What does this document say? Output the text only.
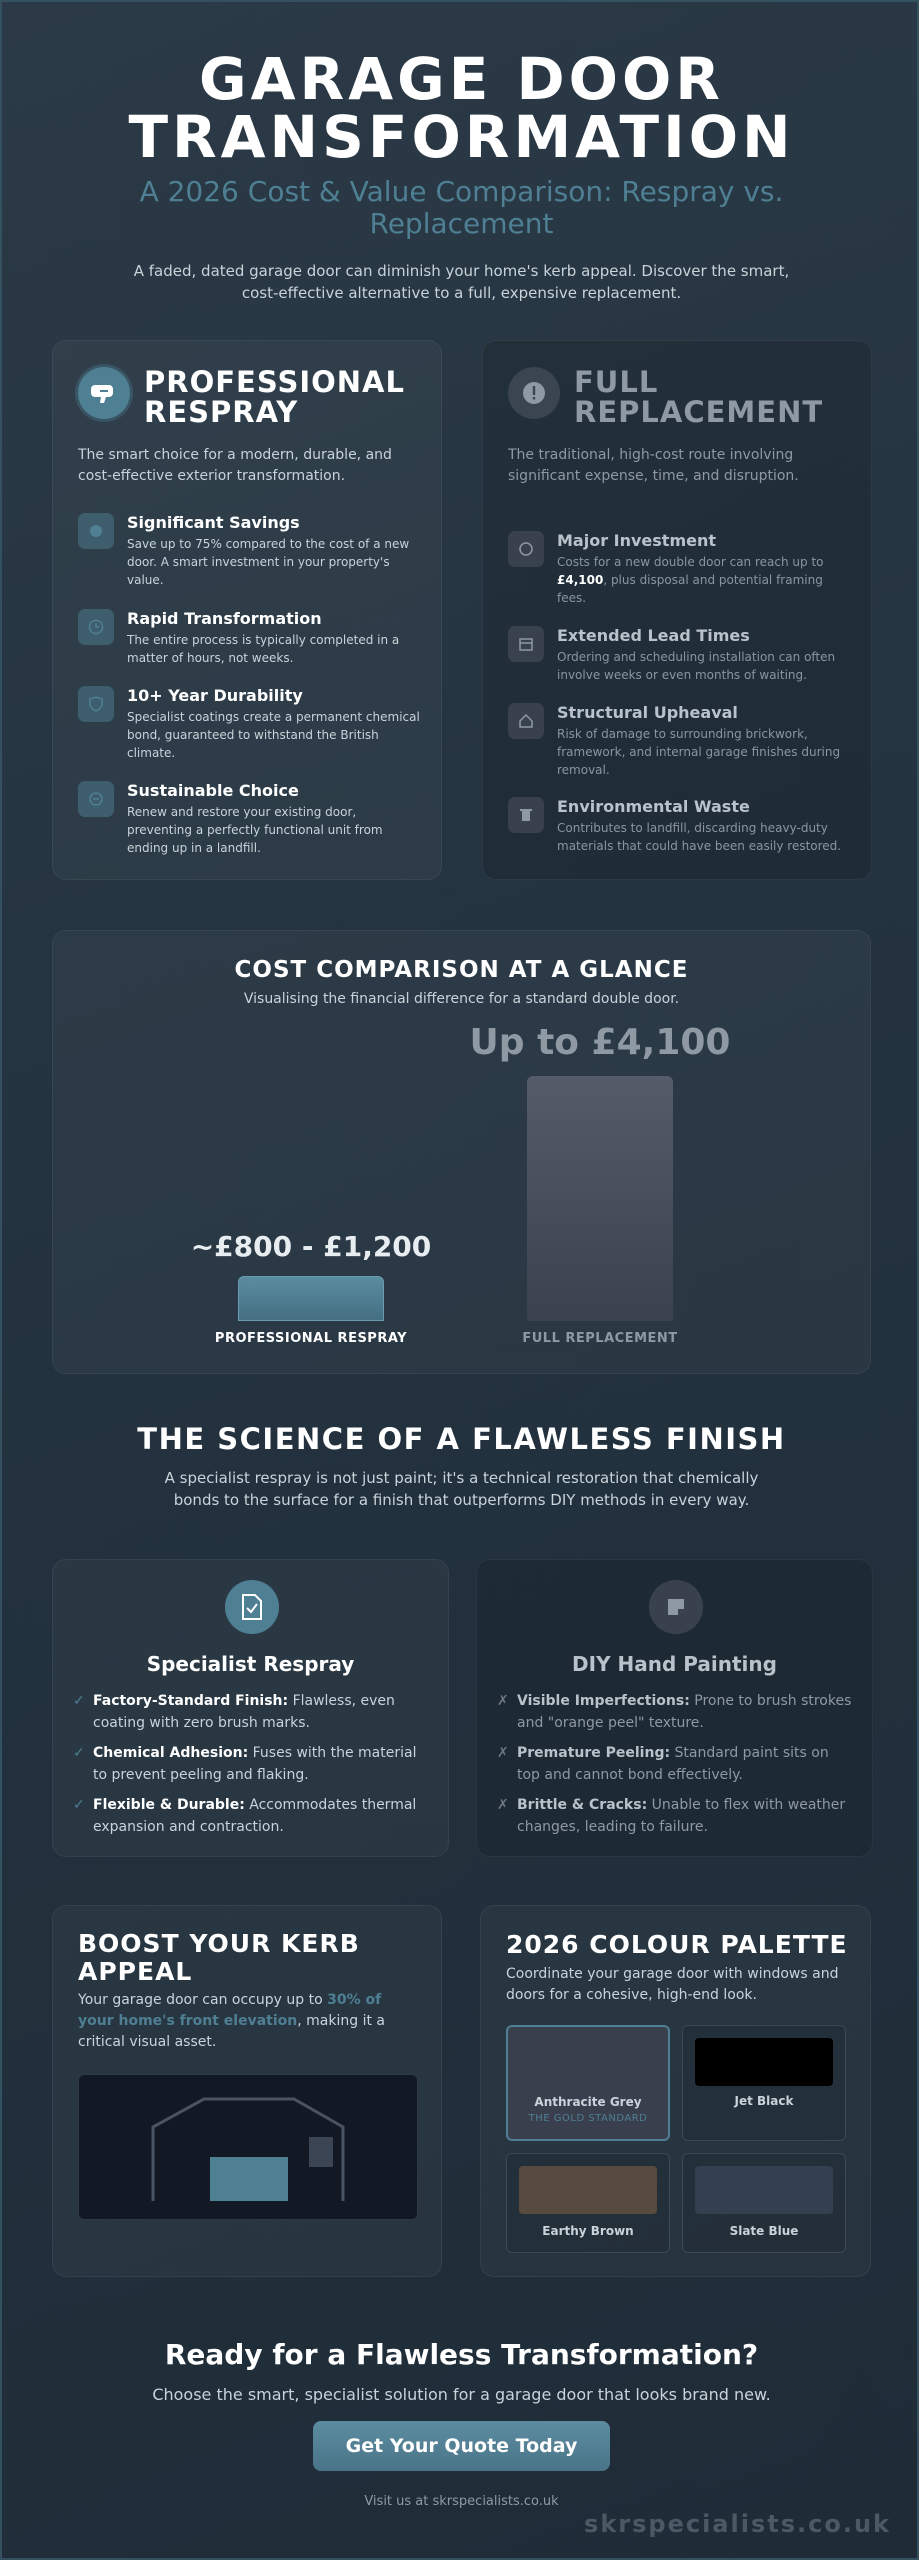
GARAGE DOOR TRANSFORMATION
A 2026 Cost & Value Comparison: Respray vs. Replacement
A faded, dated garage door can diminish your home's kerb appeal. Discover the smart, cost-effective alternative to a full, expensive replacement.
PROFESSIONAL RESPRAY
The smart choice for a modern, durable, and cost-effective exterior transformation.
Significant Savings
Save up to 75% compared to the cost of a new door. A smart investment in your property's value.
Rapid Transformation
The entire process is typically completed in a matter of hours, not weeks.
10+ Year Durability
Specialist coatings create a permanent chemical bond, guaranteed to withstand the British climate.
Sustainable Choice
Renew and restore your existing door, preventing a perfectly functional unit from ending up in a landfill.
FULL REPLACEMENT
The traditional, high-cost route involving significant expense, time, and disruption.
Major Investment
Costs for a new double door can reach up to £4,100, plus disposal and potential framing fees.
Extended Lead Times
Ordering and scheduling installation can often involve weeks or even months of waiting.
Structural Upheaval
Risk of damage to surrounding brickwork, framework, and internal garage finishes during removal.
Environmental Waste
Contributes to landfill, discarding heavy-duty materials that could have been easily restored.
COST COMPARISON AT A GLANCE
Visualising the financial difference for a standard double door.
~£800 - £1,200
PROFESSIONAL RESPRAY
Up to £4,100
FULL REPLACEMENT
THE SCIENCE OF A FLAWLESS FINISH
A specialist respray is not just paint; it's a technical restoration that chemically bonds to the surface for a finish that outperforms DIY methods in every way.
Specialist Respray
✓ Factory-Standard Finish: Flawless, even coating with zero brush marks.
✓ Chemical Adhesion: Fuses with the material to prevent peeling and flaking.
✓ Flexible & Durable: Accommodates thermal expansion and contraction.
DIY Hand Painting
✗ Visible Imperfections: Prone to brush strokes and "orange peel" texture.
✗ Premature Peeling: Standard paint sits on top and cannot bond effectively.
✗ Brittle & Cracks: Unable to flex with weather changes, leading to failure.
BOOST YOUR KERB APPEAL

Your garage door can occupy up to 30% of your home's front elevation, making it a critical visual asset.

2026 COLOUR PALETTE

Coordinate your garage door with windows and doors for a cohesive, high-end look.

Anthracite Grey
THE GOLD STANDARD
Jet Black
Earthy Brown	Slate Blue
Ready for a Flawless Transformation?
Choose the smart, specialist solution for a garage door that looks brand new.
Get Your Quote Today
Visit us at skrspecialists.co.uk
skrspecialists.co.uk
